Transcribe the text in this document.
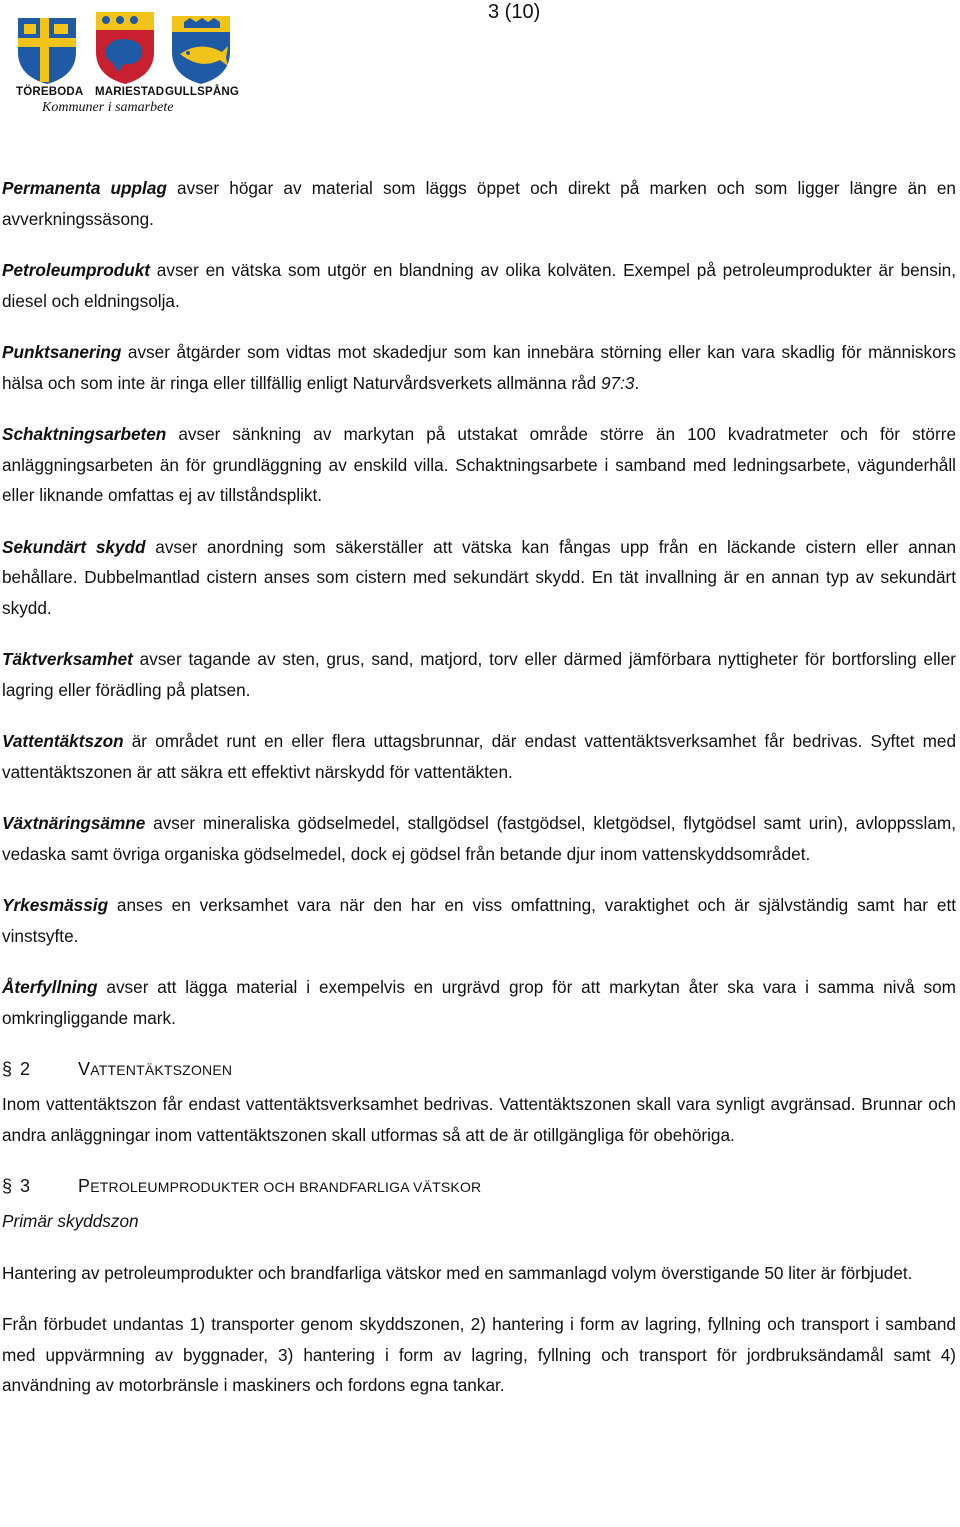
3 (10)
TÖREBODA MARIESTAD GULLSPÅNG
Kommuner i samarbete

Permanenta upplag avser högar av material som läggs öppet och direkt på marken och som ligger längre än en avverkningssäsong.

Petroleumprodukt avser en vätska som utgör en blandning av olika kolväten. Exempel på petroleumprodukter är bensin, diesel och eldningsolja.

Punktsanering avser åtgärder som vidtas mot skadedjur som kan innebära störning eller kan vara skadlig för människors hälsa och som inte är ringa eller tillfällig enligt Naturvårdsverkets allmänna råd 97:3.

Schaktningsarbeten avser sänkning av markytan på utstakat område större än 100 kvadratmeter och för större anläggningsarbeten än för grundläggning av enskild villa. Schaktningsarbete i samband med ledningsarbete, vägunderhåll eller liknande omfattas ej av tillståndsplikt.

Sekundärt skydd avser anordning som säkerställer att vätska kan fångas upp från en läckande cistern eller annan behållare. Dubbelmantlad cistern anses som cistern med sekundärt skydd. En tät invallning är en annan typ av sekundärt skydd.

Täktverksamhet avser tagande av sten, grus, sand, matjord, torv eller därmed jämförbara nyttigheter för bortforsling eller lagring eller förädling på platsen.

Vattentäktszon är området runt en eller flera uttagsbrunnar, där endast vattentäktsverksamhet får bedrivas. Syftet med vattentäktszonen är att säkra ett effektivt närskydd för vattentäkten.

Växtnäringsämne avser mineraliska gödselmedel, stallgödsel (fastgödsel, kletgödsel, flytgödsel samt urin), avloppsslam, vedaska samt övriga organiska gödselmedel, dock ej gödsel från betande djur inom vattenskyddsområdet.

Yrkesmässig anses en verksamhet vara när den har en viss omfattning, varaktighet och är självständig samt har ett vinstsyfte.

Återfyllning avser att lägga material i exempelvis en urgrävd grop för att markytan åter ska vara i samma nivå som omkringliggande mark.

§ 2	VATTENTÄKTSZONEN

Inom vattentäktszon får endast vattentäktsverksamhet bedrivas. Vattentäktszonen skall vara synligt avgränsad. Brunnar och andra anläggningar inom vattentäktszonen skall utformas så att de är otillgängliga för obehöriga.

§ 3	PETROLEUMPRODUKTER OCH BRANDFARLIGA VÄTSKOR

Primär skyddszon

Hantering av petroleumprodukter och brandfarliga vätskor med en sammanlagd volym överstigande 50 liter är förbjudet.

Från förbudet undantas 1) transporter genom skyddszonen, 2) hantering i form av lagring, fyllning och transport i samband med uppvärmning av byggnader, 3) hantering i form av lagring, fyllning och transport för jordbruksändamål samt 4) användning av motorbränsle i maskiners och fordons egna tankar.
